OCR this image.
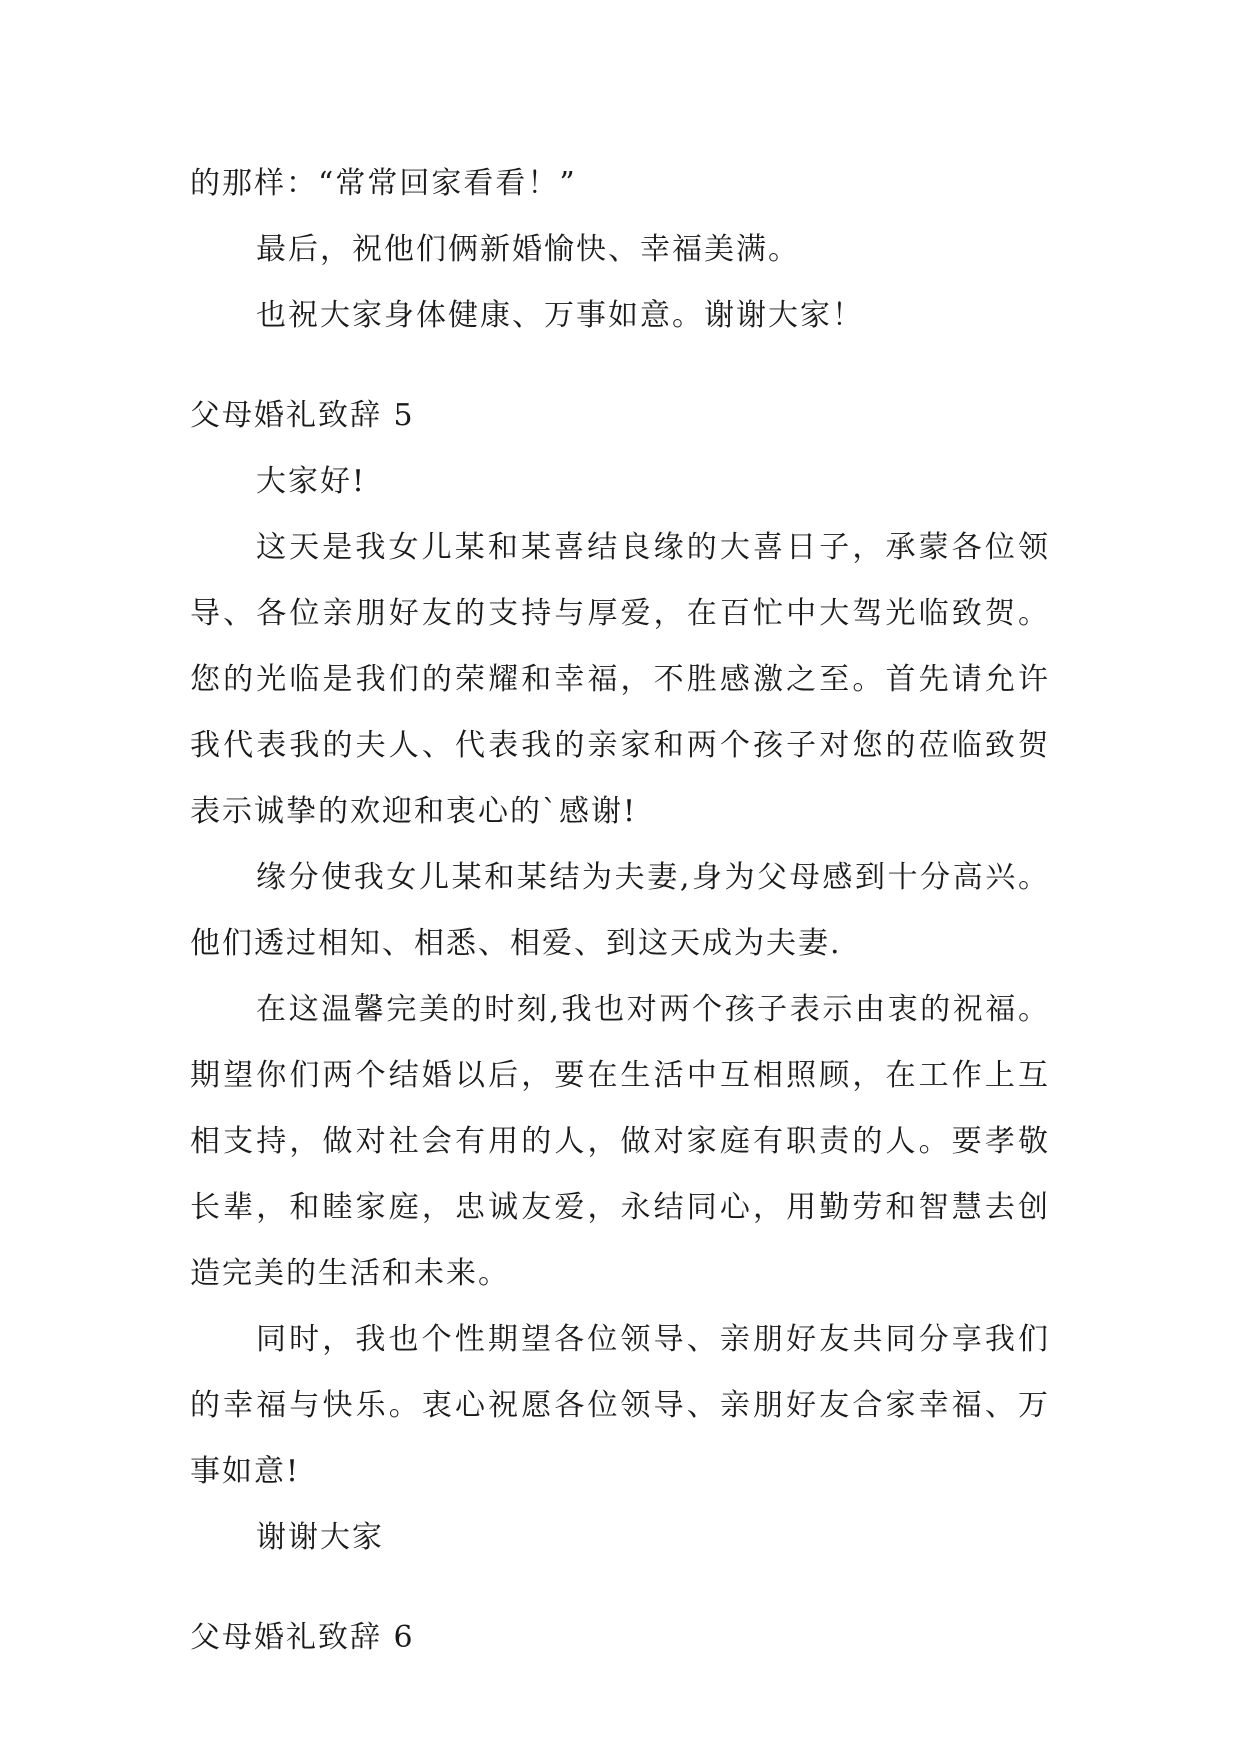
的那样：“常常回家看看！”
最后，祝他们俩新婚愉快、幸福美满。
也祝大家身体健康、万事如意。谢谢大家！
父母婚礼致辞 5
大家好!
这天是我女儿某和某喜结良缘的大喜日子，承蒙各位领
导、各位亲朋好友的支持与厚爱，在百忙中大驾光临致贺。
您的光临是我们的荣耀和幸福，不胜感激之至。首先请允许
我代表我的夫人、代表我的亲家和两个孩子对您的莅临致贺
表示诚挚的欢迎和衷心的`感谢!
缘分使我女儿某和某结为夫妻,身为父母感到十分高兴。
他们透过相知、相悉、相爱、到这天成为夫妻.
在这温馨完美的时刻,我也对两个孩子表示由衷的祝福。
期望你们两个结婚以后，要在生活中互相照顾，在工作上互
相支持，做对社会有用的人，做对家庭有职责的人。要孝敬
长辈，和睦家庭，忠诚友爱，永结同心，用勤劳和智慧去创
造完美的生活和未来。
同时，我也个性期望各位领导、亲朋好友共同分享我们
的幸福与快乐。衷心祝愿各位领导、亲朋好友合家幸福、万
事如意!
谢谢大家
父母婚礼致辞 6
